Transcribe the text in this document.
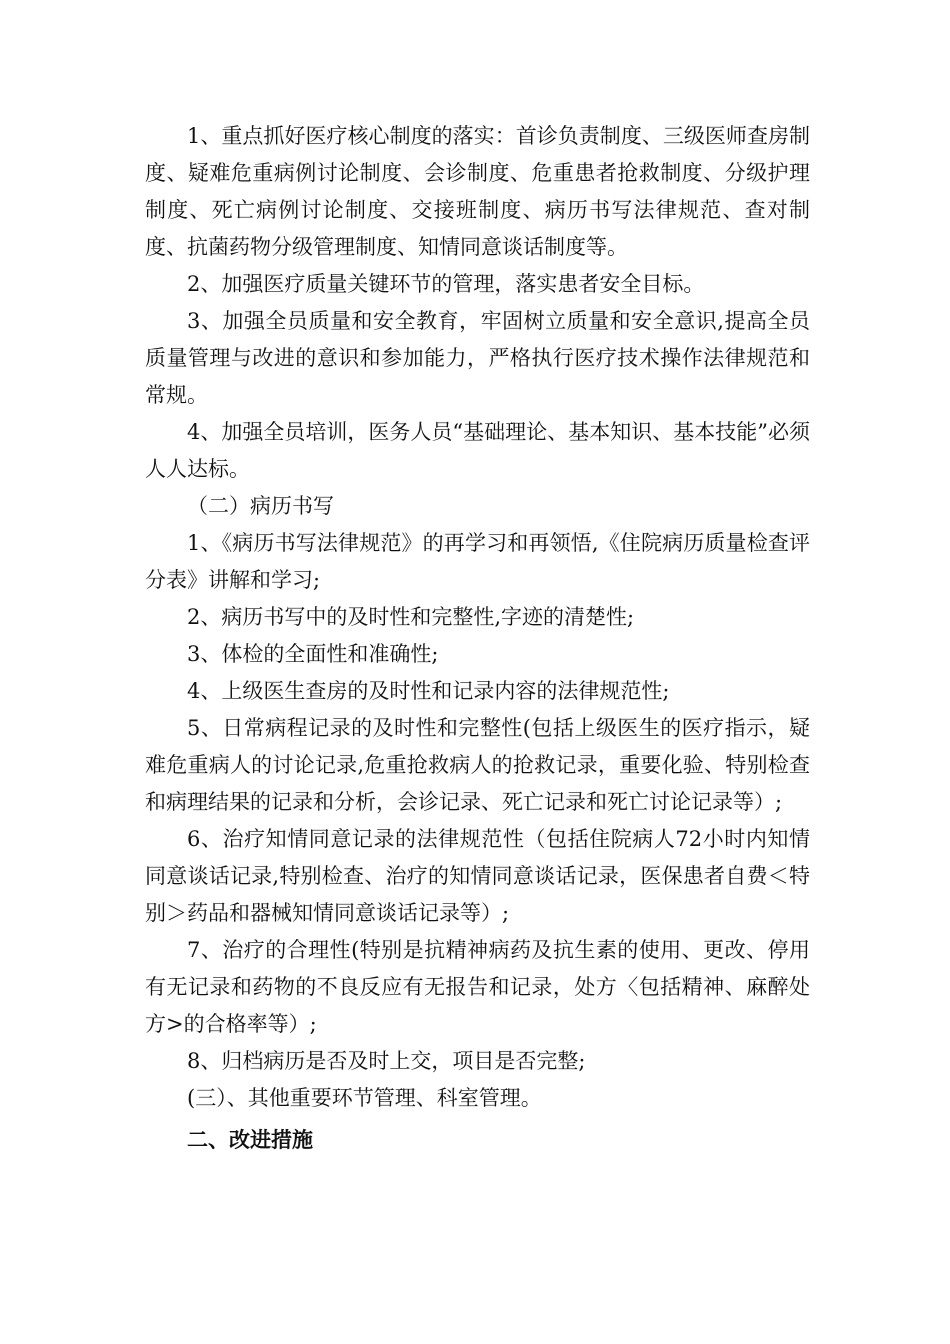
1、重点抓好医疗核心制度的落实：首诊负责制度、三级医师查房制度、疑难危重病例讨论制度、会诊制度、危重患者抢救制度、分级护理制度、死亡病例讨论制度、交接班制度、病历书写法律规范、查对制度、抗菌药物分级管理制度、知情同意谈话制度等。

2、加强医疗质量关键环节的管理，落实患者安全目标。

3、加强全员质量和安全教育，牢固树立质量和安全意识,提高全员质量管理与改进的意识和参加能力，严格执行医疗技术操作法律规范和常规。

4、加强全员培训，医务人员“基础理论、基本知识、基本技能”必须人人达标。

（二）病历书写

1、《病历书写法律规范》的再学习和再领悟,《住院病历质量检查评分表》讲解和学习;

2、病历书写中的及时性和完整性,字迹的清楚性;

3、体检的全面性和准确性;

4、上级医生查房的及时性和记录内容的法律规范性;

5、日常病程记录的及时性和完整性(包括上级医生的医疗指示，疑难危重病人的讨论记录,危重抢救病人的抢救记录，重要化验、特别检查和病理结果的记录和分析，会诊记录、死亡记录和死亡讨论记录等）;

6、治疗知情同意记录的法律规范性（包括住院病人72小时内知情同意谈话记录,特别检查、治疗的知情同意谈话记录，医保患者自费＜特别＞药品和器械知情同意谈话记录等）;

7、治疗的合理性(特别是抗精神病药及抗生素的使用、更改、停用有无记录和药物的不良反应有无报告和记录，处方〈包括精神、麻醉处方>的合格率等）;

8、归档病历是否及时上交，项目是否完整;

(三）、其他重要环节管理、科室管理。

二、改进措施
